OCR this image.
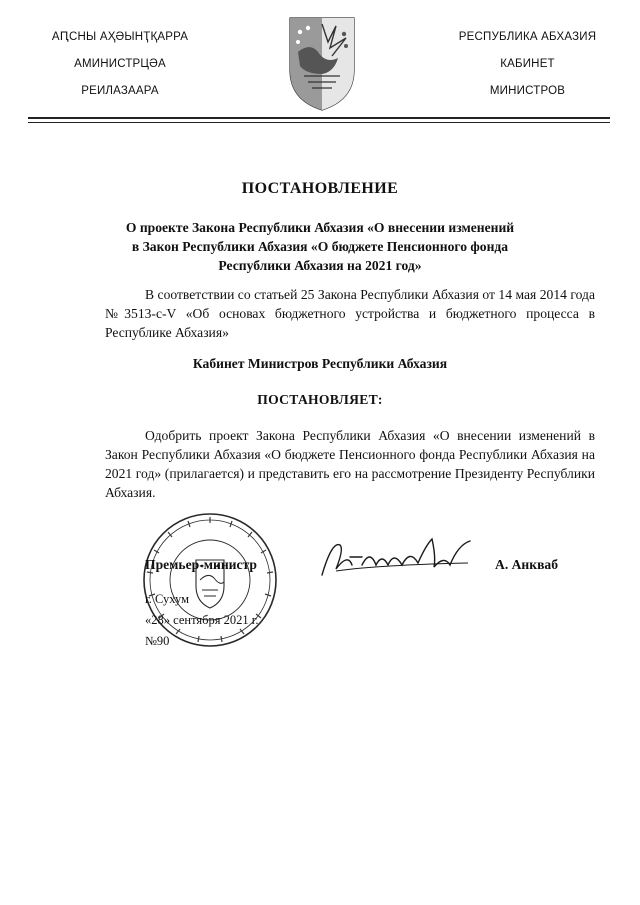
АԤСНЫ АҲӘЫНҬҚАРРА
АМИНИСТРЦӘА
РЕИЛАЗААРА
РЕСПУБЛИКА АБХАЗИЯ
КАБИНЕТ
МИНИСТРОВ
ПОСТАНОВЛЕНИЕ
О проекте Закона Республики Абхазия «О внесении изменений
в Закон Республики Абхазия «О бюджете Пенсионного фонда
Республики Абхазия на 2021 год»
В соответствии со статьей 25 Закона Республики Абхазия от 14 мая 2014 года №3513-с-V «Об основах бюджетного устройства и бюджетного процесса в Республике Абхазия»
Кабинет Министров Республики Абхазия
ПОСТАНОВЛЯЕТ:
Одобрить проект Закона Республики Абхазия «О внесении изменений в Закон Республики Абхазия «О бюджете Пенсионного фонда Республики Абхазия на 2021 год» (прилагается) и представить его на рассмотрение Президенту Республики Абхазия.
Премьер-министр	А. Анкваб
г. Сухум
«28» сентября 2021 г.
№90
